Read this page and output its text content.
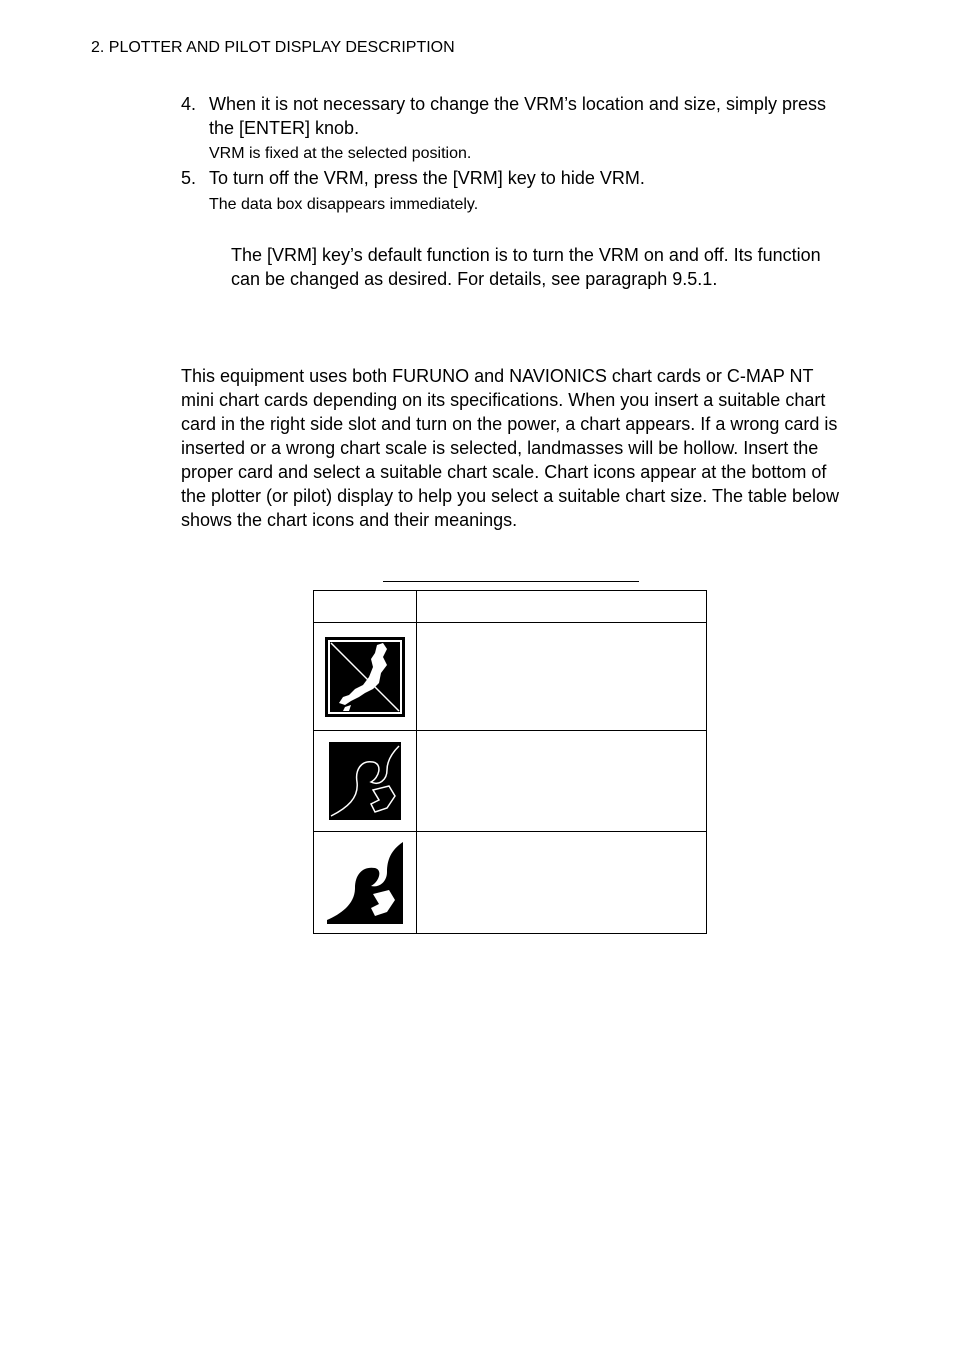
2. PLOTTER AND PILOT DISPLAY DESCRIPTION
4. When it is not necessary to change the VRM’s location and size, simply press the [ENTER] knob.
VRM is fixed at the selected position.
5. To turn off the VRM, press the [VRM] key to hide VRM.
The data box disappears immediately.
The [VRM] key’s default function is to turn the VRM on and off. Its function can be changed as desired. For details, see paragraph 9.5.1.
This equipment uses both FURUNO and NAVIONICS chart cards or C-MAP NT mini chart cards depending on its specifications. When you insert a suitable chart card in the right side slot and turn on the power, a chart appears. If a wrong card is inserted or a wrong chart scale is selected, landmasses will be hollow. Insert the proper card and select a suitable chart scale. Chart icons appear at the bottom of the plotter (or pilot) display to help you select a suitable chart size. The table below shows the chart icons and their meanings.
